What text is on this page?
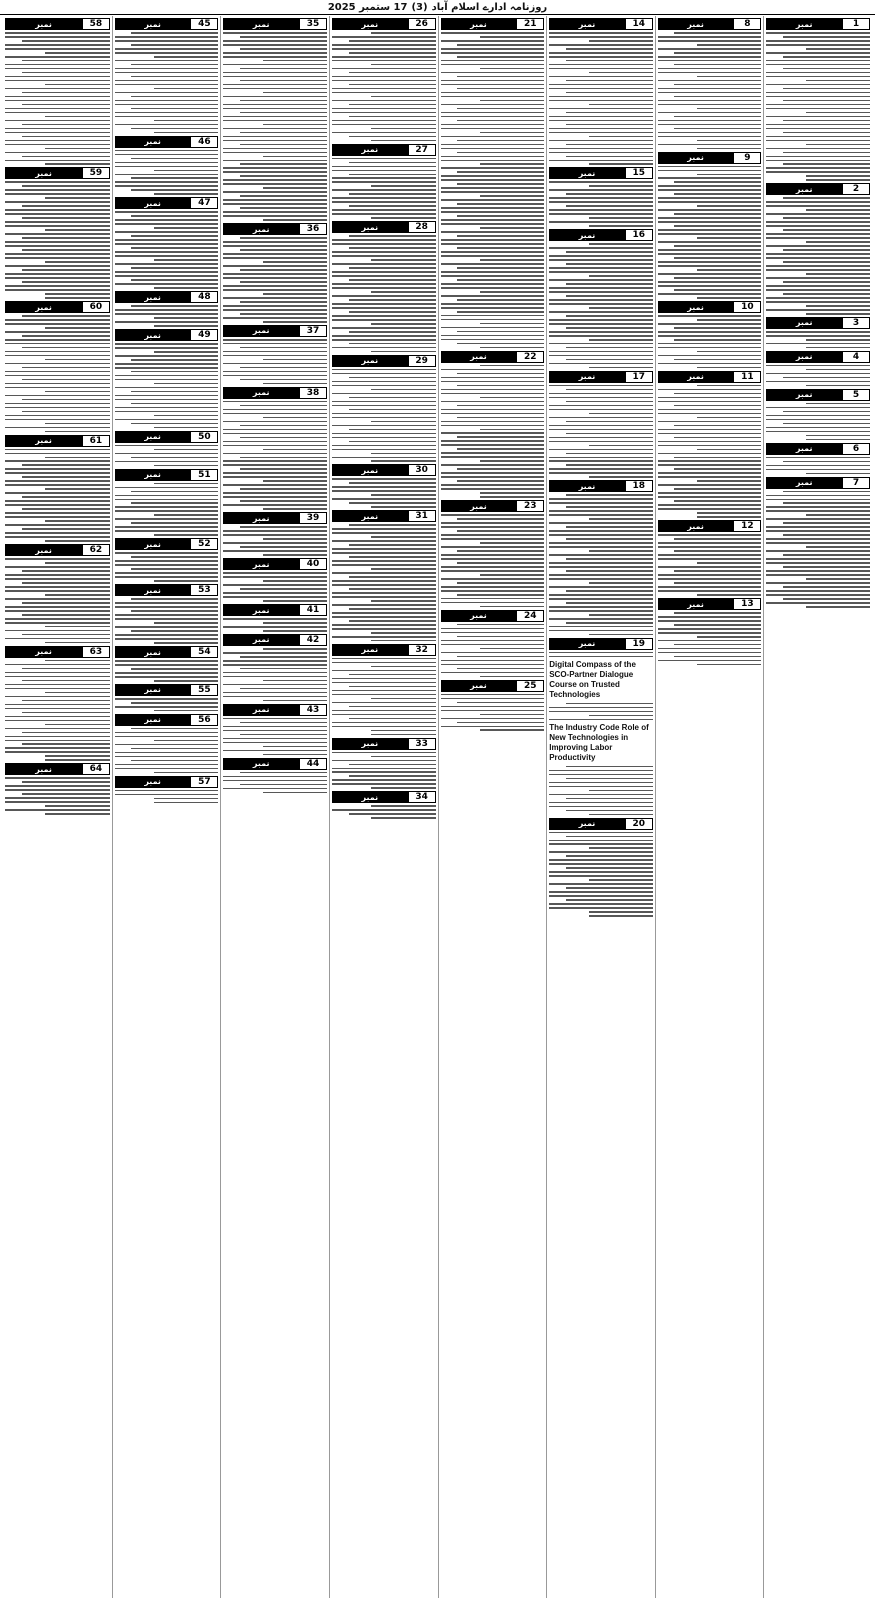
روزنامہ ادارے اسلام آباد
(3)
17 ستمبر 2025
نمبر	1
نمبر	2
نمبر	3
نمبر	4
نمبر	5
نمبر	6
نمبر	7
نمبر	8
نمبر	9
نمبر	10
نمبر	11
نمبر	12
نمبر	13
نمبر	14
نمبر	15
نمبر	16
نمبر	17
نمبر	18
نمبر	19
Digital Compass of the SCO-Partner Dialogue Course on Trusted Technologies
The Industry Code Role of New Technologies in Improving Labor Productivity
نمبر	20
نمبر	21
نمبر	22
نمبر	23
نمبر	24
نمبر	25
نمبر	26
نمبر	27
نمبر	28
نمبر	29
نمبر	30
نمبر	31
نمبر	32
نمبر	33
نمبر	34
نمبر	35
نمبر	36
نمبر	37
نمبر	38
نمبر	39
نمبر	40
نمبر	41
نمبر	42
نمبر	43
نمبر	44
نمبر	45
نمبر	46
نمبر	47
نمبر	48
نمبر	49
نمبر	50
نمبر	51
نمبر	52
نمبر	53
نمبر	54
نمبر	55
نمبر	56
نمبر	57
نمبر	58
نمبر	59
نمبر	60
نمبر	61
نمبر	62
نمبر	63
نمبر	64
